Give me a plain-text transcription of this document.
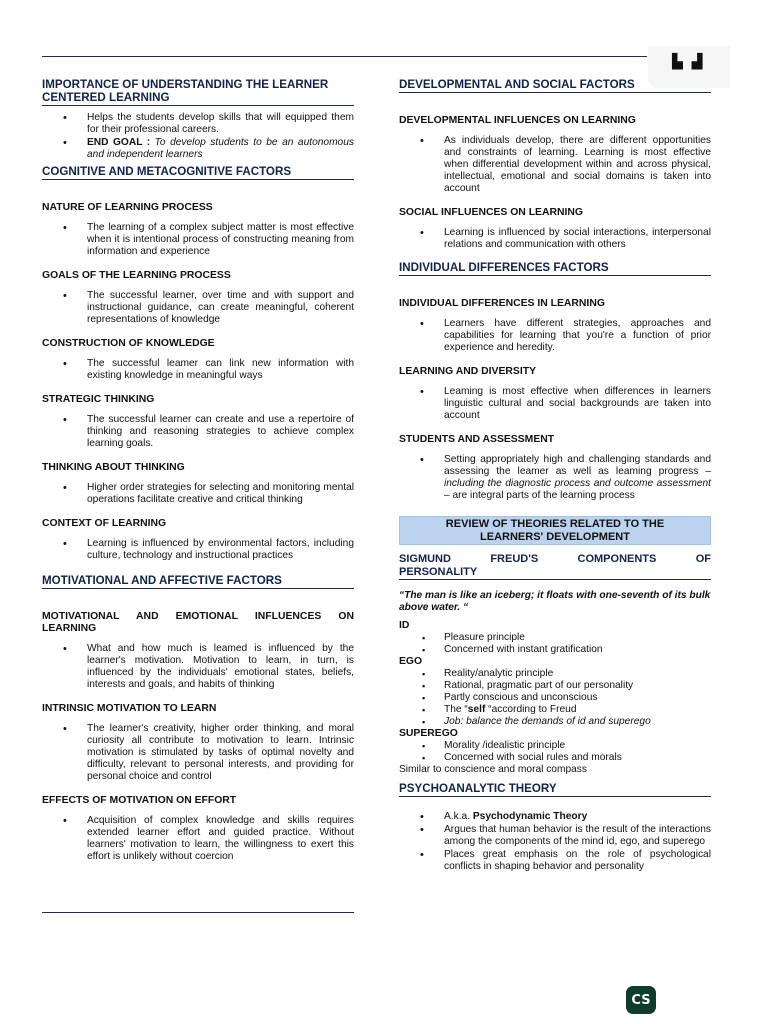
▙ ▟
IMPORTANCE OF UNDERSTANDING THE LEARNER
CENTERED LEARNING
• Helps the students develop skills that will equipped them for their professional careers.
• END GOAL : To develop students to be an autonomous and independent learners
COGNITIVE AND METACOGNITIVE FACTORS
NATURE OF LEARNING PROCESS
• The learning of a complex subject matter is most effective when it is intentional process of constructing meaning from information and experience
GOALS OF THE LEARNING PROCESS
• The successful learner, over time and with support and instructional guidance, can create meaningful, coherent representations of knowledge
CONSTRUCTION OF KNOWLEDGE
• The successful leamer can link new information with existing knowledge in meaningful ways
STRATEGIC THINKING
• The successful learner can create and use a repertoire of thinking and reasoning strategies to achieve complex learning goals.
THINKING ABOUT THINKING
• Higher order strategies for selecting and monitoring mental operations facilitate creative and critical thinking
CONTEXT OF LEARNING
• Learning is influenced by environmental factors, including culture, technology and instructional practices
MOTIVATIONAL AND AFFECTIVE FACTORS
MOTIVATIONAL AND EMOTIONAL INFLUENCES ON LEARNING
• What and how much is leamed is influenced by the learner's motivation. Motivation to learn, in turn, is influenced by the individuals' emotional states, beliefs, interests and goals, and habits of thinking
INTRINSIC MOTIVATION TO LEARN
• The learner's creativity, higher order thinking, and moral curiosity all contribute to motivation to learn. Intrinsic motivation is stimulated by tasks of optimal novelty and difficulty, relevant to personal interests, and providing for personal choice and control
EFFECTS OF MOTIVATION ON EFFORT
• Acquisition of complex knowledge and skills requires extended learner effort and guided practice. Without learners' motivation to learn, the willingness to exert this effort is unlikely without coercion
DEVELOPMENTAL AND SOCIAL FACTORS
DEVELOPMENTAL INFLUENCES ON LEARNING
• As individuals develop, there are different opportunities and constraints of learning. Learning is most effective when differential development within and across physical, intellectual, emotional and social domains is taken into account
SOCIAL INFLUENCES ON LEARNING
• Learning is influenced by social interactions, interpersonal relations and communication with others
INDIVIDUAL DIFFERENCES FACTORS
INDIVIDUAL DIFFERENCES IN LEARNING
• Learners have different strategies, approaches and capabilities for learning that you're a function of prior experience and heredity.
LEARNING AND DIVERSITY
• Leaming is most effective when differences in learners linguistic cultural and social backgrounds are taken into account
STUDENTS AND ASSESSMENT
• Setting appropriately high and challenging standards and assessing the leamer as well as leaming progress – including the diagnostic process and outcome assessment – are integral parts of the learning process
REVIEW OF THEORIES RELATED TO THE
LEARNERS' DEVELOPMENT
SIGMUND	FREUD'S	COMPONENTS	OF
PERSONALITY
“The man is like an iceberg; it floats with one-seventh of its bulk above water. “
ID
▪ Pleasure principle
▪ Concerned with instant gratification
EGO
▪ Reality/analytic principle
▪ Rational, pragmatic part of our personality
▪ Partly conscious and unconscious
▪ The “self “according to Freud
▪ Job: balance the demands of id and superego
SUPEREGO
▪ Morality /idealistic principle
▪ Concerned with social rules and morals
Similar to conscience and moral compass
PSYCHOANALYTIC THEORY
• A.k.a. Psychodynamic Theory
• Argues that human behavior is the result of the interactions among the components of the mind id, ego, and superego
• Places great emphasis on the role of psychological conflicts in shaping behavior and personality
CS
